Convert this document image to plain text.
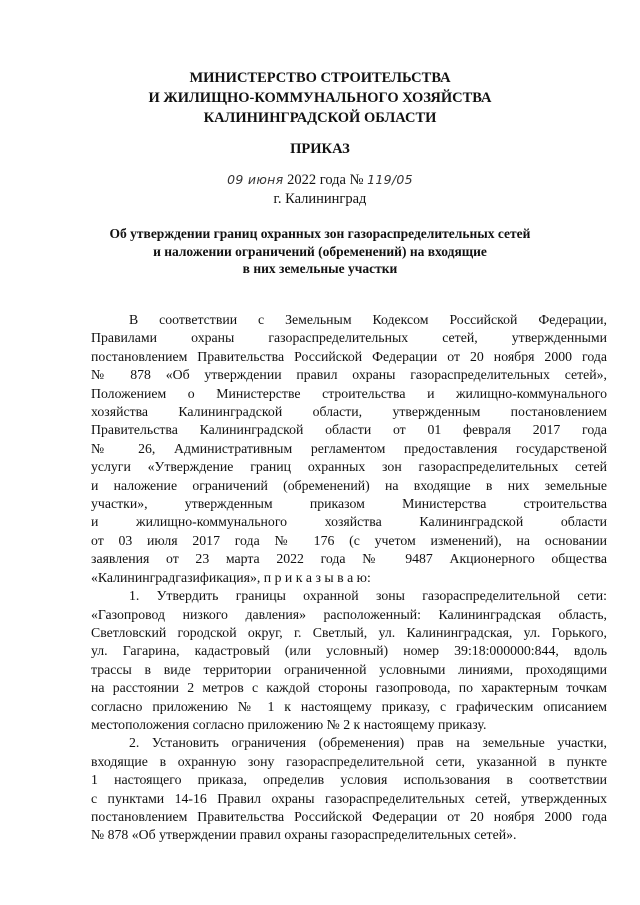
МИНИСТЕРСТВО СТРОИТЕЛЬСТВА
И ЖИЛИЩНО-КОММУНАЛЬНОГО ХОЗЯЙСТВА
КАЛИНИНГРАДСКОЙ ОБЛАСТИ
ПРИКАЗ
09 июня 2022 года № 119/05
г. Калининград
Об утверждении границ охранных зон газораспределительных сетей
и наложении ограничений (обременений) на входящие
в них земельные участки
В соответствии с Земельным Кодексом Российской Федерации,
Правилами охраны газораспределительных сетей, утвержденными
постановлением Правительства Российской Федерации от 20 ноября 2000 года
№ 878 «Об утверждении правил охраны газораспределительных сетей»,
Положением о Министерстве строительства и жилищно-коммунального
хозяйства Калининградской области, утвержденным постановлением
Правительства Калининградской области от 01 февраля 2017 года
№ 26, Административным регламентом предоставления государственой
услуги «Утверждение границ охранных зон газораспределительных сетей
и наложение ограничений (обременений) на входящие в них земельные
участки», утвержденным приказом Министерства строительства
и жилищно-коммунального хозяйства Калининградской области
от 03 июля 2017 года № 176 (с учетом изменений), на основании
заявления от 23 марта 2022 года № 9487 Акционерного общества
«Калининградгазификация», п р и к а з ы в а ю:
1. Утвердить границы охранной зоны газораспределительной сети:
«Газопровод низкого давления» расположенный: Калининградская область,
Светловский городской округ, г. Светлый, ул. Калининградская, ул. Горького,
ул. Гагарина, кадастровый (или условный) номер 39:18:000000:844, вдоль
трассы в виде территории ограниченной условными линиями, проходящими
на расстоянии 2 метров с каждой стороны газопровода, по характерным точкам
согласно приложению № 1 к настоящему приказу, с графическим описанием
местоположения согласно приложению № 2 к настоящему приказу.
2. Установить ограничения (обременения) прав на земельные участки,
входящие в охранную зону газораспределительной сети, указанной в пункте
1 настоящего приказа, определив условия использования в соответствии
с пунктами 14-16 Правил охраны газораспределительных сетей, утвержденных
постановлением Правительства Российской Федерации от 20 ноября 2000 года
№ 878 «Об утверждении правил охраны газораспределительных сетей».
